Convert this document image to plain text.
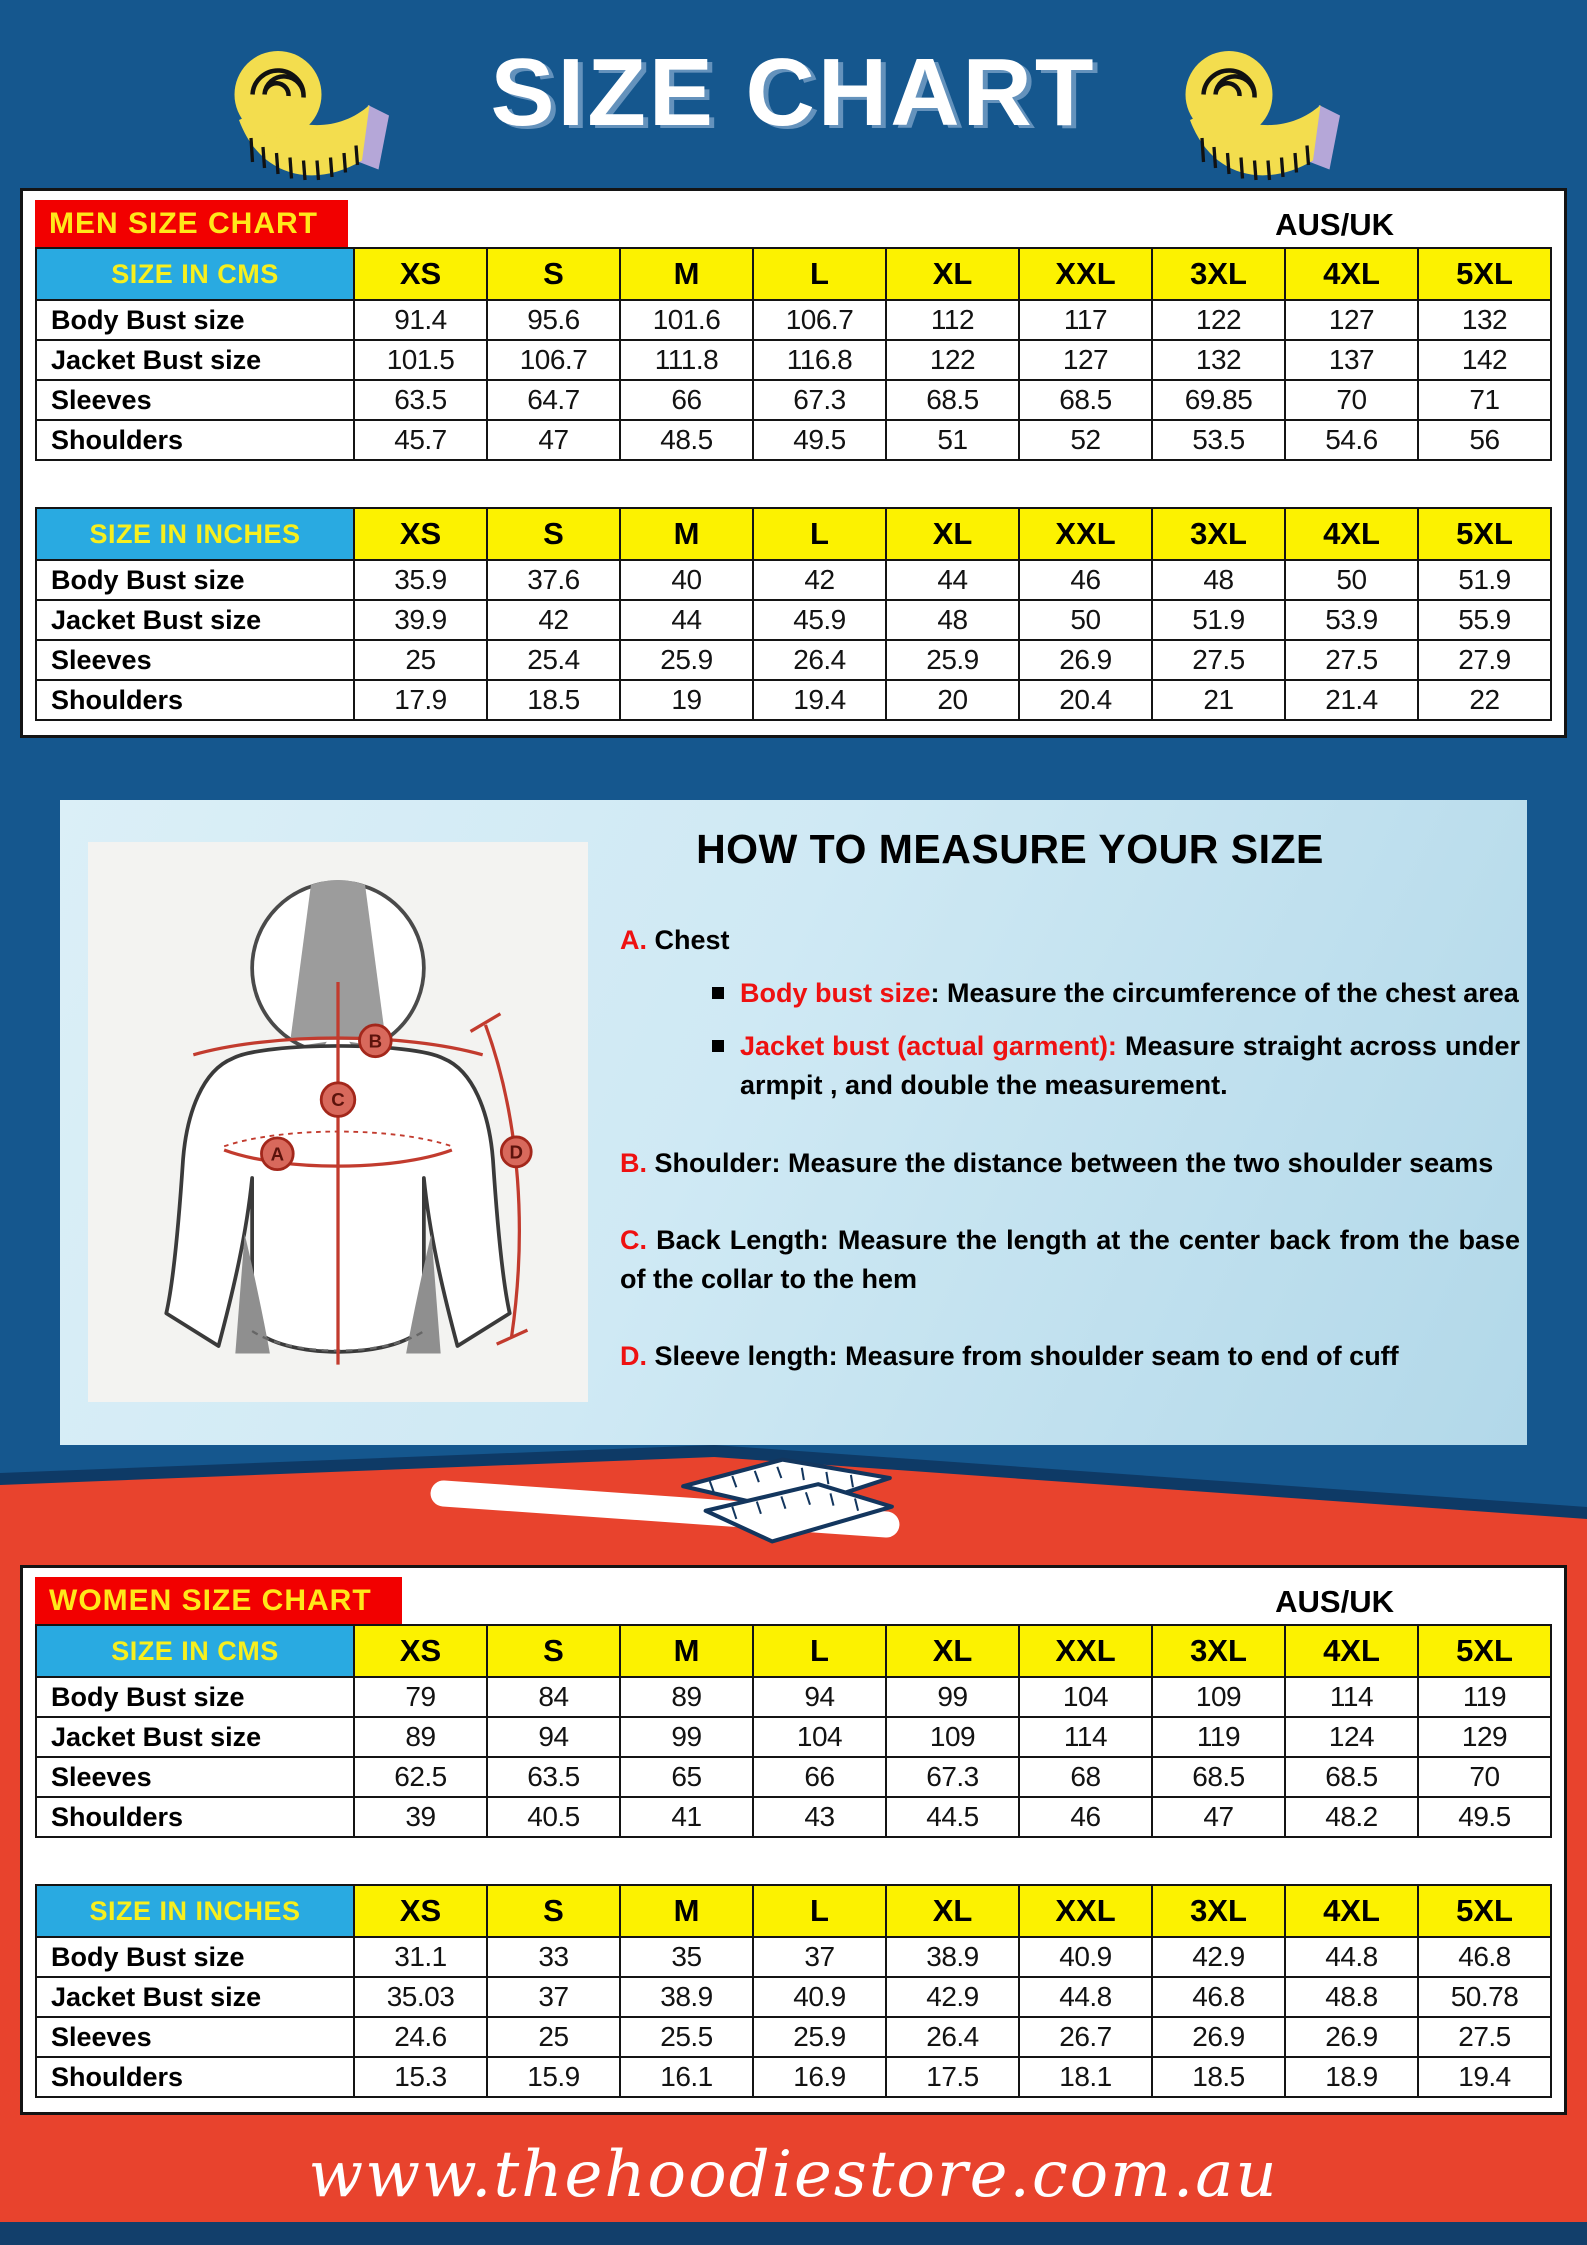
SIZE CHART
MEN SIZE CHART	AUS/UK
SIZE IN CMS	XS	S	M	L	XL	XXL	3XL	4XL	5XL
Body Bust size	91.4	95.6	101.6	106.7	112	117	122	127	132
Jacket Bust size	101.5	106.7	111.8	116.8	122	127	132	137	142
Sleeves	63.5	64.7	66	67.3	68.5	68.5	69.85	70	71
Shoulders	45.7	47	48.5	49.5	51	52	53.5	54.6	56
SIZE IN INCHES	XS	S	M	L	XL	XXL	3XL	4XL	5XL
Body Bust size	35.9	37.6	40	42	44	46	48	50	51.9
Jacket Bust size	39.9	42	44	45.9	48	50	51.9	53.9	55.9
Sleeves	25	25.4	25.9	26.4	25.9	26.9	27.5	27.5	27.9
Shoulders	17.9	18.5	19	19.4	20	20.4	21	21.4	22
A
B
C
D
HOW TO MEASURE YOUR SIZE
A. Chest
Body bust size: Measure the circumference of the chest area
Jacket bust (actual garment): Measure straight across under armpit , and double the measurement.
B. Shoulder: Measure the distance between the two shoulder seams
C. Back Length: Measure the length at the center back from the base of the collar to the hem
D. Sleeve length: Measure from shoulder seam to end of cuff
WOMEN SIZE CHART	AUS/UK
SIZE IN CMS	XS	S	M	L	XL	XXL	3XL	4XL	5XL
Body Bust size	79	84	89	94	99	104	109	114	119
Jacket Bust size	89	94	99	104	109	114	119	124	129
Sleeves	62.5	63.5	65	66	67.3	68	68.5	68.5	70
Shoulders	39	40.5	41	43	44.5	46	47	48.2	49.5
SIZE IN INCHES	XS	S	M	L	XL	XXL	3XL	4XL	5XL
Body Bust size	31.1	33	35	37	38.9	40.9	42.9	44.8	46.8
Jacket Bust size	35.03	37	38.9	40.9	42.9	44.8	46.8	48.8	50.78
Sleeves	24.6	25	25.5	25.9	26.4	26.7	26.9	26.9	27.5
Shoulders	15.3	15.9	16.1	16.9	17.5	18.1	18.5	18.9	19.4
www.thehoodiestore.com.au
